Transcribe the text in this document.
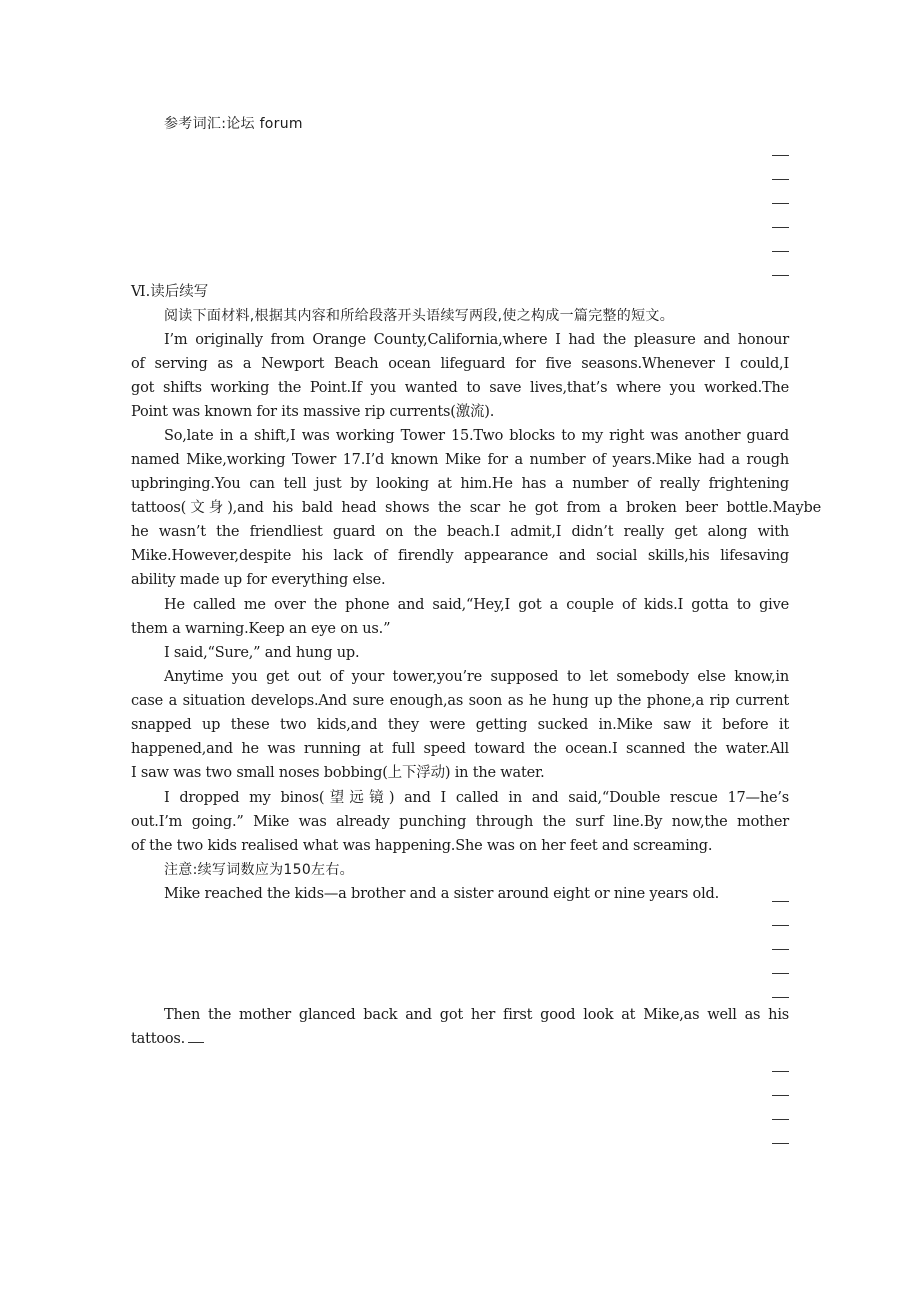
参考词汇:论坛 forum
Ⅵ.读后续写
阅读下面材料,根据其内容和所给段落开头语续写两段,使之构成一篇完整的短文。
I’m originally from Orange County,California,where I had the pleasure and honour
of serving as a Newport Beach ocean lifeguard for five seasons.Whenever I could,I
got shifts working the Point.If you wanted to save lives,that’s where you worked.The
Point was known for its massive rip currents(激流).
So,late in a shift,I was working Tower 15.Two blocks to my right was another guard
named Mike,working Tower 17.I’d known Mike for a number of years.Mike had a rough
upbringing.You can tell just by looking at him.He has a number of really frightening
tattoos(文身),and his bald head shows the scar he got from a broken beer bottle.Maybe
he wasn’t the friendliest guard on the beach.I admit,I didn’t really get along with
Mike.However,despite his lack of firendly appearance and social skills,his lifesaving
ability made up for everything else.
He called me over the phone and said,“Hey,I got a couple of kids.I gotta to give
them a warning.Keep an eye on us.”
I said,“Sure,” and hung up.
Anytime you get out of your tower,you’re supposed to let somebody else know,in
case a situation develops.And sure enough,as soon as he hung up the phone,a rip current
snapped up these two kids,and they were getting sucked in.Mike saw it before it
happened,and he was running at full speed toward the ocean.I scanned the water.All
I saw was two small noses bobbing(上下浮动) in the water.
I dropped my binos(望远镜) and I called in and said,“Double rescue 17—he’s
out.I’m going.” Mike was already punching through the surf line.By now,the mother
of the two kids realised what was happening.She was on her feet and screaming.
注意:续写词数应为150左右。
Mike reached the kids—a brother and a sister around eight or nine years old.
Then the mother glanced back and got her first good look at Mike,as well as his
tattoos.
